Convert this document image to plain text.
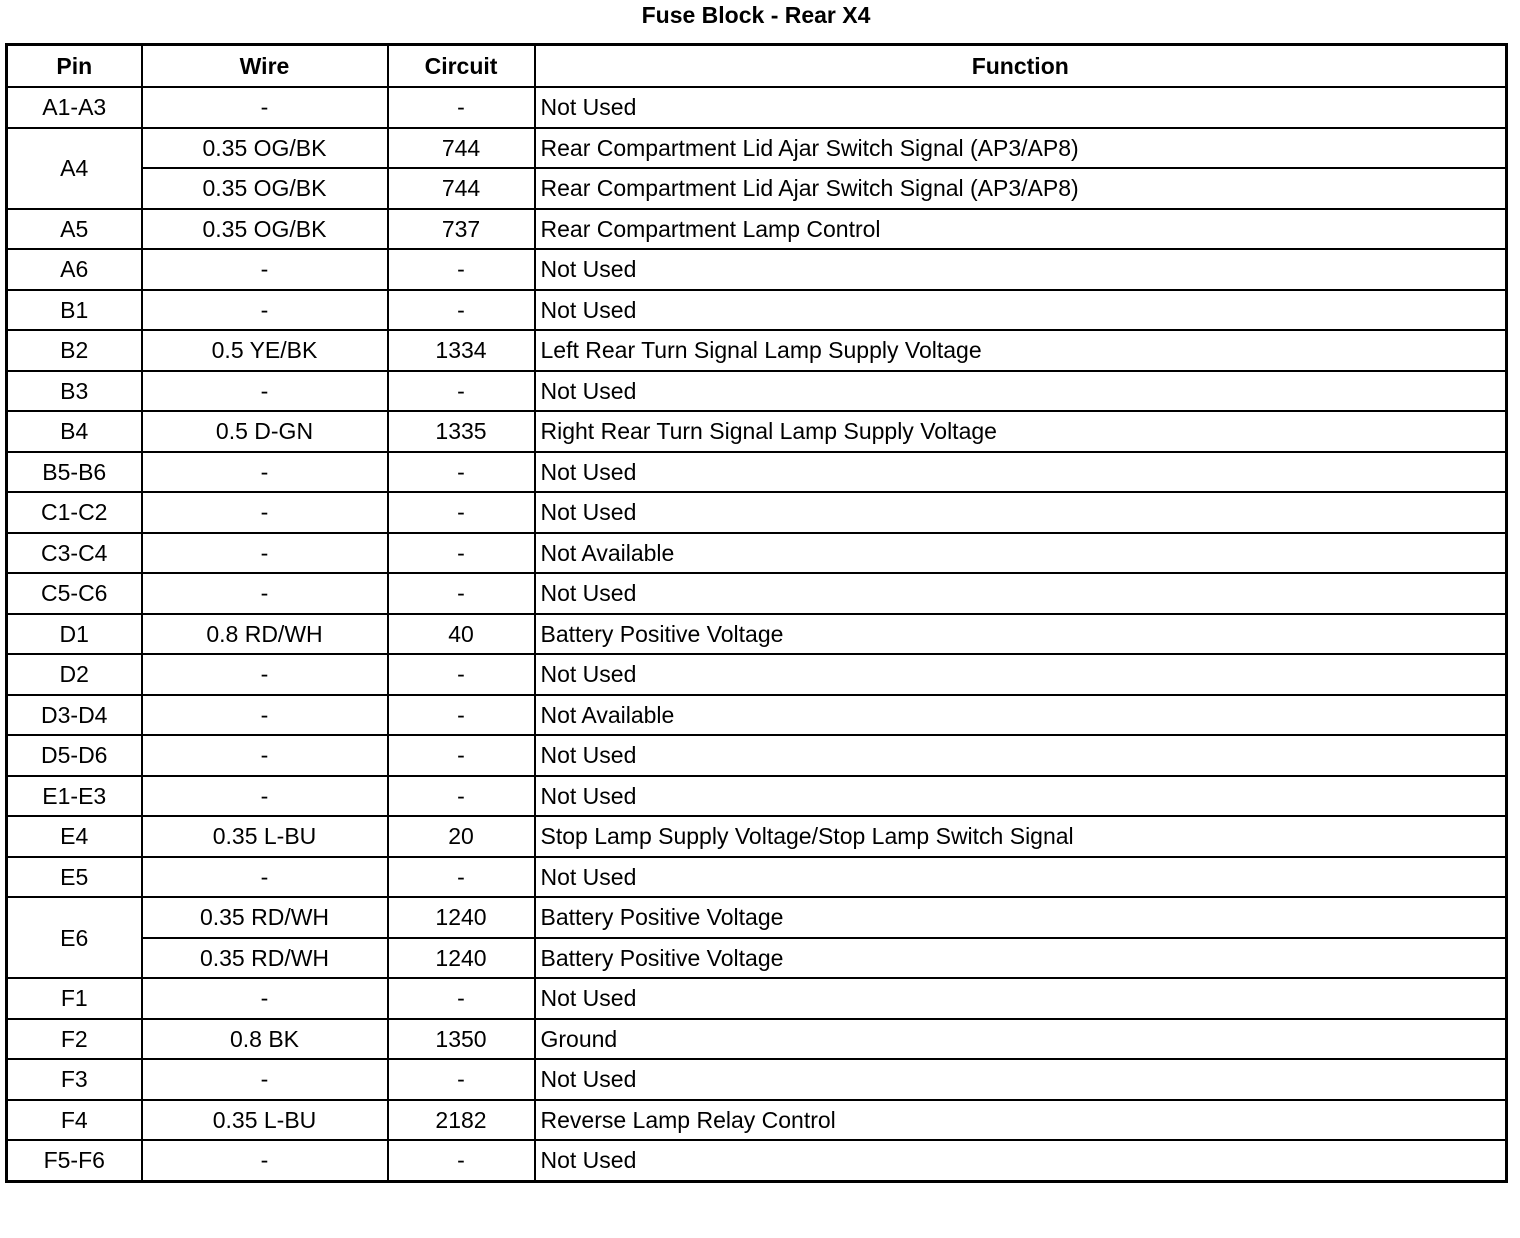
Fuse Block - Rear X4
Pin	Wire	Circuit	Function
A1-A3	-	-	Not Used
A4	0.35 OG/BK	744	Rear Compartment Lid Ajar Switch Signal (AP3/AP8)
	0.35 OG/BK	744	Rear Compartment Lid Ajar Switch Signal (AP3/AP8)
A5	0.35 OG/BK	737	Rear Compartment Lamp Control
A6	-	-	Not Used
B1	-	-	Not Used
B2	0.5 YE/BK	1334	Left Rear Turn Signal Lamp Supply Voltage
B3	-	-	Not Used
B4	0.5 D-GN	1335	Right Rear Turn Signal Lamp Supply Voltage
B5-B6	-	-	Not Used
C1-C2	-	-	Not Used
C3-C4	-	-	Not Available
C5-C6	-	-	Not Used
D1	0.8 RD/WH	40	Battery Positive Voltage
D2	-	-	Not Used
D3-D4	-	-	Not Available
D5-D6	-	-	Not Used
E1-E3	-	-	Not Used
E4	0.35 L-BU	20	Stop Lamp Supply Voltage/Stop Lamp Switch Signal
E5	-	-	Not Used
E6	0.35 RD/WH	1240	Battery Positive Voltage
	0.35 RD/WH	1240	Battery Positive Voltage
F1	-	-	Not Used
F2	0.8 BK	1350	Ground
F3	-	-	Not Used
F4	0.35 L-BU	2182	Reverse Lamp Relay Control
F5-F6	-	-	Not Used
